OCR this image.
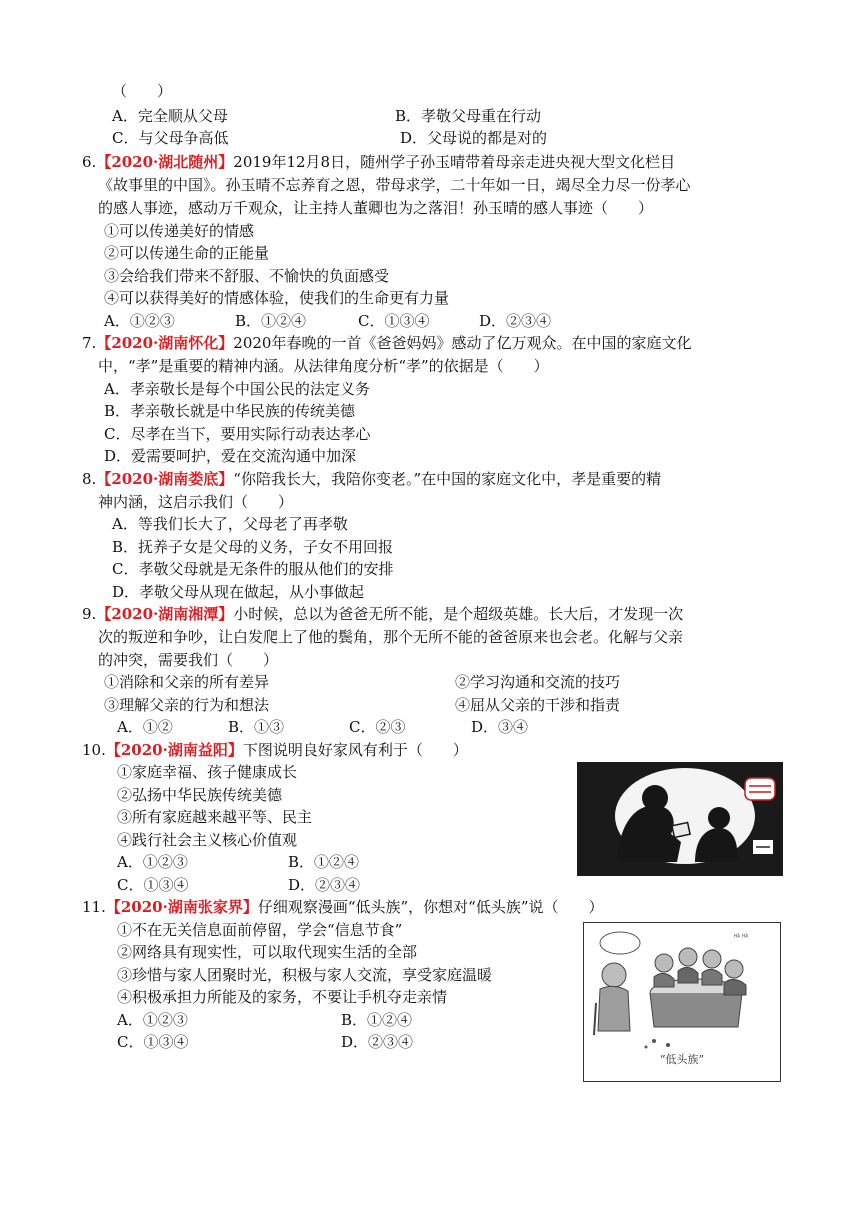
（　　）
A．完全顺从父母	B．孝敬父母重在行动
C．与父母争高低	D．父母说的都是对的
6.【2020·湖北随州】2019年12月8日，随州学子孙玉晴带着母亲走进央视大型文化栏目
《故事里的中国》。孙玉晴不忘养育之恩，带母求学，二十年如一日，竭尽全力尽一份孝心
的感人事迹，感动万千观众，让主持人董卿也为之落泪！孙玉晴的感人事迹（　　）
①可以传递美好的情感
②可以传递生命的正能量
③会给我们带来不舒服、不愉快的负面感受
④可以获得美好的情感体验，使我们的生命更有力量
A．①②③	B．①②④	C．①③④	D．②③④
7.【2020·湖南怀化】2020年春晚的一首《爸爸妈妈》感动了亿万观众。在中国的家庭文化
中，“孝”是重要的精神内涵。从法律角度分析“孝”的依据是（　　）
A．孝亲敬长是每个中国公民的法定义务
B．孝亲敬长就是中华民族的传统美德
C．尽孝在当下，要用实际行动表达孝心
D．爱需要呵护，爱在交流沟通中加深
8.【2020·湖南娄底】“你陪我长大，我陪你变老。”在中国的家庭文化中，孝是重要的精
神内涵，这启示我们（　　）
A．等我们长大了，父母老了再孝敬
B．抚养子女是父母的义务，子女不用回报
C．孝敬父母就是无条件的服从他们的安排
D．孝敬父母从现在做起，从小事做起
9.【2020·湖南湘潭】小时候，总以为爸爸无所不能，是个超级英雄。长大后，才发现一次
次的叛逆和争吵，让白发爬上了他的鬓角，那个无所不能的爸爸原来也会老。化解与父亲
的冲突，需要我们（　　）
①消除和父亲的所有差异	②学习沟通和交流的技巧
③理解父亲的行为和想法	④屈从父亲的干涉和指责
A．①②	B．①③	C．②③	D．③④
10.【2020·湖南益阳】下图说明良好家风有利于（　　）
①家庭幸福、孩子健康成长
②弘扬中华民族传统美德
③所有家庭越来越平等、民主
④践行社会主义核心价值观
A．①②③	B．①②④
C．①③④	D．②③④
11.【2020·湖南张家界】仔细观察漫画“低头族”，你想对“低头族”说（　　）
①不在无关信息面前停留，学会“信息节食”
②网络具有现实性，可以取代现实生活的全部
③珍惜与家人团聚时光，积极与家人交流，享受家庭温暖
④积极承担力所能及的家务，不要让手机夺走亲情
A．①②③	B．①②④
C．①③④	D．②③④
ᴴᴬ ᴴᴬ
“低头族”
